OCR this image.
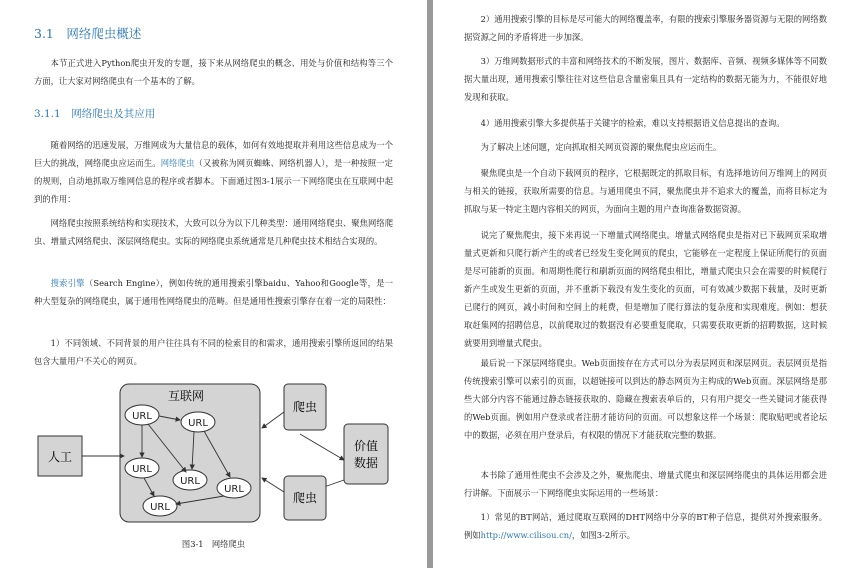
3.1　网络爬虫概述

本节正式进入Python爬虫开发的专题，接下来从网络爬虫的概念、用处与价值和结构等三个方面，让大家对网络爬虫有一个基本的了解。

3.1.1　网络爬虫及其应用

随着网络的迅速发展，万维网成为大量信息的载体，如何有效地提取并利用这些信息成为一个巨大的挑战，网络爬虫应运而生。网络爬虫（又被称为网页蜘蛛、网络机器人），是一种按照一定的规则，自动地抓取万维网信息的程序或者脚本。下面通过图3-1展示一下网络爬虫在互联网中起到的作用：

网络爬虫按照系统结构和实现技术，大致可以分为以下几种类型：通用网络爬虫、聚焦网络爬虫、增量式网络爬虫、深层网络爬虫。实际的网络爬虫系统通常是几种爬虫技术相结合实现的。

搜索引擎（Search Engine），例如传统的通用搜索引擎baidu、Yahoo和Google等，是一种大型复杂的网络爬虫，属于通用性网络爬虫的范畴。但是通用性搜索引擎存在着一定的局限性：

1）不同领域、不同背景的用户往往具有不同的检索目的和需求，通用搜索引擎所返回的结果包含大量用户不关心的网页。

人工
互联网
URL
URL
URL
URL
URL
URL
爬虫
爬虫
价值
数据
图3-1　网络爬虫

2）通用搜索引擎的目标是尽可能大的网络覆盖率，有限的搜索引擎服务器资源与无限的网络数据资源之间的矛盾将进一步加深。

3）万维网数据形式的丰富和网络技术的不断发展，图片、数据库、音频、视频多媒体等不同数据大量出现，通用搜索引擎往往对这些信息含量密集且具有一定结构的数据无能为力，不能很好地发现和获取。

4）通用搜索引擎大多提供基于关键字的检索，难以支持根据语义信息提出的查询。

为了解决上述问题，定向抓取相关网页资源的聚焦爬虫应运而生。

聚焦爬虫是一个自动下载网页的程序，它根据既定的抓取目标，有选择地访问万维网上的网页与相关的链接，获取所需要的信息。与通用爬虫不同，聚焦爬虫并不追求大的覆盖，而将目标定为抓取与某一特定主题内容相关的网页，为面向主题的用户查询准备数据资源。

说完了聚焦爬虫，接下来再说一下增量式网络爬虫。增量式网络爬虫是指对已下载网页采取增量式更新和只爬行新产生的或者已经发生变化网页的爬虫，它能够在一定程度上保证所爬行的页面是尽可能新的页面。和周期性爬行和刷新页面的网络爬虫相比，增量式爬虫只会在需要的时候爬行新产生或发生更新的页面，并不重新下载没有发生变化的页面，可有效减少数据下载量，及时更新已爬行的网页，减小时间和空间上的耗费，但是增加了爬行算法的复杂度和实现难度。例如：想获取赶集网的招聘信息，以前爬取过的数据没有必要重复爬取，只需要获取更新的招聘数据，这时候就要用到增量式爬虫。

最后说一下深层网络爬虫。Web页面按存在方式可以分为表层网页和深层网页。表层网页是指传统搜索引擎可以索引的页面，以超链接可以到达的静态网页为主构成的Web页面。深层网络是那些大部分内容不能通过静态链接获取的、隐藏在搜索表单后的，只有用户提交一些关键词才能获得的Web页面。例如用户登录或者注册才能访问的页面。可以想象这样一个场景：爬取贴吧或者论坛中的数据，必须在用户登录后，有权限的情况下才能获取完整的数据。

本书除了通用性爬虫不会涉及之外，聚焦爬虫、增量式爬虫和深层网络爬虫的具体运用都会进行讲解。下面展示一下网络爬虫实际运用的一些场景：

1）常见的BT网站，通过爬取互联网的DHT网络中分享的BT种子信息，提供对外搜索服务。例如http://www.cilisou.cn/，如图3-2所示。
